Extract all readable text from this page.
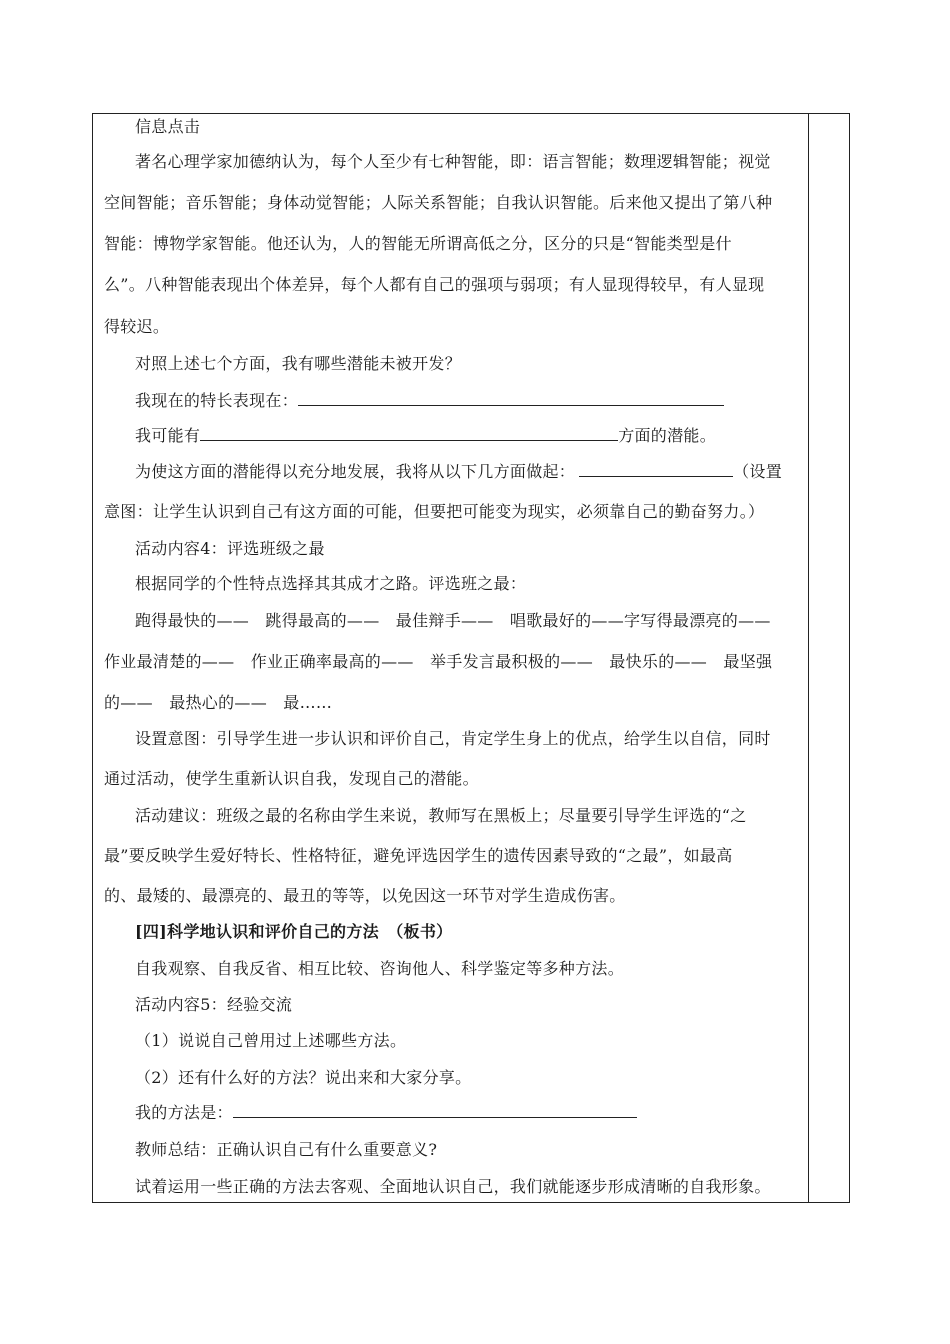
信息点击
著名心理学家加德纳认为，每个人至少有七种智能，即：语言智能；数理逻辑智能；视觉
空间智能；音乐智能；身体动觉智能；人际关系智能；自我认识智能。后来他又提出了第八种
智能：博物学家智能。他还认为，人的智能无所谓高低之分，区分的只是“智能类型是什
么”。八种智能表现出个体差异，每个人都有自己的强项与弱项；有人显现得较早，有人显现
得较迟。
对照上述七个方面，我有哪些潜能未被开发？
我现在的特长表现在：
我可能有	方面的潜能。
为使这方面的潜能得以充分地发展，我将从以下几方面做起：	（设置
意图：让学生认识到自己有这方面的可能，但要把可能变为现实，必须靠自己的勤奋努力。）
活动内容4：评选班级之最
根据同学的个性特点选择其其成才之路。评选班之最：
跑得最快的——　跳得最高的——　最佳辩手——　唱歌最好的——字写得最漂亮的——
作业最清楚的——　作业正确率最高的——　举手发言最积极的——　最快乐的——　最坚强
的——　最热心的——　最……
设置意图：引导学生进一步认识和评价自己，肯定学生身上的优点，给学生以自信，同时
通过活动，使学生重新认识自我，发现自己的潜能。
活动建议：班级之最的名称由学生来说，教师写在黑板上；尽量要引导学生评选的“之
最”要反映学生爱好特长、性格特征，避免评选因学生的遗传因素导致的“之最”，如最高
的、最矮的、最漂亮的、最丑的等等，以免因这一环节对学生造成伤害。
[四]科学地认识和评价自己的方法　（板书）
自我观察、自我反省、相互比较、咨询他人、科学鉴定等多种方法。
活动内容5：经验交流
（1）说说自己曾用过上述哪些方法。
（2）还有什么好的方法？说出来和大家分享。
我的方法是：
教师总结：正确认识自己有什么重要意义?
试着运用一些正确的方法去客观、全面地认识自己，我们就能逐步形成清晰的自我形象。
